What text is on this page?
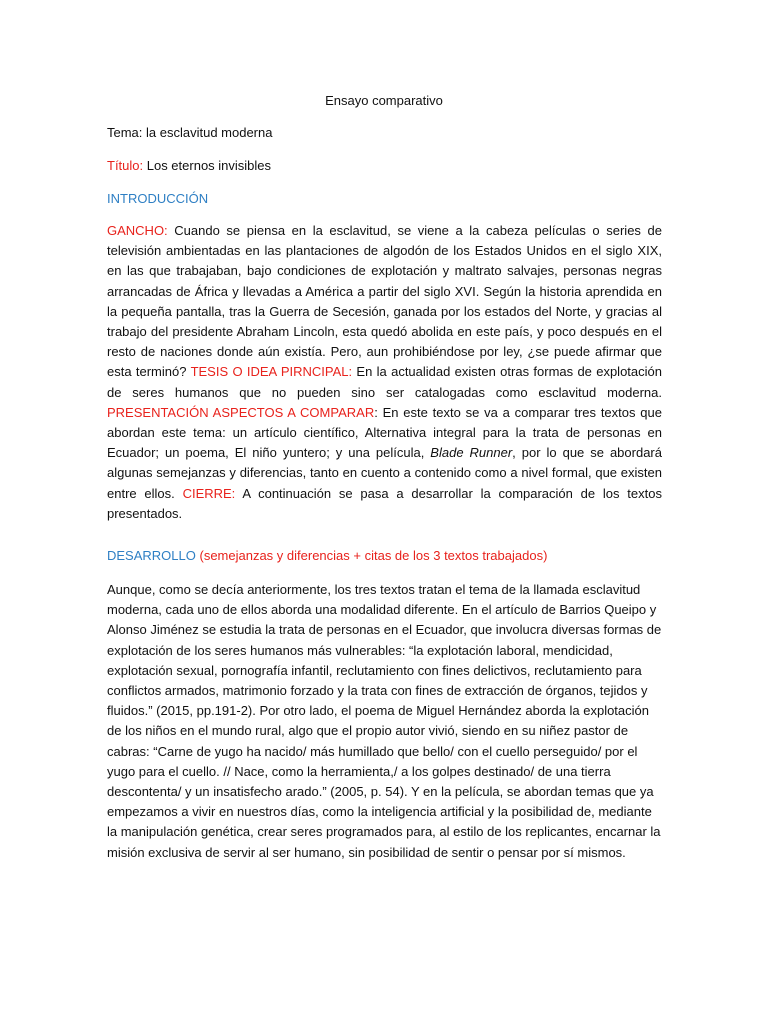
Ensayo comparativo
Tema: la esclavitud moderna
Título: Los eternos invisibles
INTRODUCCIÓN
GANCHO: Cuando se piensa en la esclavitud, se viene a la cabeza películas o series de televisión ambientadas en las plantaciones de algodón de los Estados Unidos en el siglo XIX, en las que trabajaban, bajo condiciones de explotación y maltrato salvajes, personas negras arrancadas de África y llevadas a América a partir del siglo XVI. Según la historia aprendida en la pequeña pantalla, tras la Guerra de Secesión, ganada por los estados del Norte, y gracias al trabajo del presidente Abraham Lincoln, esta quedó abolida en este país, y poco después en el resto de naciones donde aún existía. Pero, aun prohibiéndose por ley, ¿se puede afirmar que esta terminó? TESIS O IDEA PIRNCIPAL: En la actualidad existen otras formas de explotación de seres humanos que no pueden sino ser catalogadas como esclavitud moderna. PRESENTACIÓN ASPECTOS A COMPARAR: En este texto se va a comparar tres textos que abordan este tema: un artículo científico, Alternativa integral para la trata de personas en Ecuador; un poema, El niño yuntero; y una película, Blade Runner, por lo que se abordará algunas semejanzas y diferencias, tanto en cuento a contenido como a nivel formal, que existen entre ellos. CIERRE: A continuación se pasa a desarrollar la comparación de los textos presentados.
DESARROLLO (semejanzas y diferencias + citas de los 3 textos trabajados)
Aunque, como se decía anteriormente, los tres textos tratan el tema de la llamada esclavitud moderna, cada uno de ellos aborda una modalidad diferente. En el artículo de Barrios Queipo y Alonso Jiménez se estudia la trata de personas en el Ecuador, que involucra diversas formas de explotación de los seres humanos más vulnerables: “la explotación laboral, mendicidad, explotación sexual, pornografía infantil, reclutamiento con fines delictivos, reclutamiento para conflictos armados, matrimonio forzado y la trata con fines de extracción de órganos, tejidos y fluidos.” (2015, pp.191-2). Por otro lado, el poema de Miguel Hernández aborda la explotación de los niños en el mundo rural, algo que el propio autor vivió, siendo en su niñez pastor de cabras: “Carne de yugo ha nacido/ más humillado que bello/ con el cuello perseguido/ por el yugo para el cuello. // Nace, como la herramienta,/ a los golpes destinado/ de una tierra descontenta/ y un insatisfecho arado.” (2005, p. 54). Y en la película, se abordan temas que ya empezamos a vivir en nuestros días, como la inteligencia artificial y la posibilidad de, mediante la manipulación genética, crear seres programados para, al estilo de los replicantes, encarnar la misión exclusiva de servir al ser humano, sin posibilidad de sentir o pensar por sí mismos.
